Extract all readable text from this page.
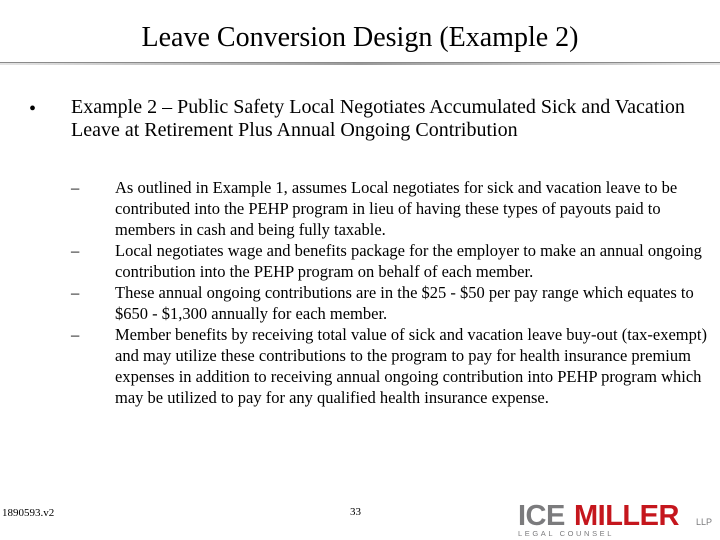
Leave Conversion Design (Example 2)
• Example 2 – Public Safety Local Negotiates Accumulated Sick and Vacation Leave at Retirement Plus Annual Ongoing Contribution
– As outlined in Example 1, assumes Local negotiates for sick and vacation leave to be contributed into the PEHP program in lieu of having these types of payouts paid to members in cash and being fully taxable.
– Local negotiates wage and benefits package for the employer to make an annual ongoing contribution into the PEHP program on behalf of each member.
– These annual ongoing contributions are in the $25 - $50 per pay range which equates to $650 - $1,300 annually for each member.
– Member benefits by receiving total value of sick and vacation leave buy-out (tax-exempt) and may utilize these contributions to the program to pay for health insurance premium expenses in addition to receiving annual ongoing contribution into PEHP program which may be utilized to pay for any qualified health insurance expense.
1890593.v2	33	ICE MILLER LLP
LEGAL COUNSEL
